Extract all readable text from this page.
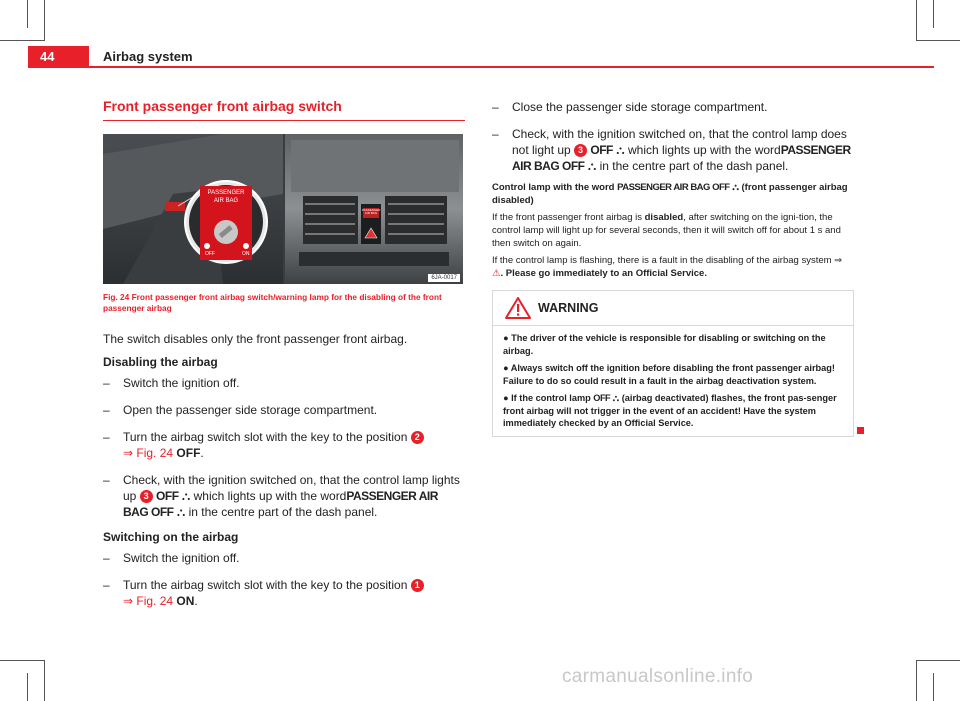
44	Airbag system
Front passenger front airbag switch
PASSENGER
AIR BAG
OFF	ON
PASSENGER AIR BAG
6JA-0017
Fig. 24 Front passenger front airbag switch/warning lamp for the disabling of the front passenger airbag

The switch disables only the front passenger front airbag.

Disabling the airbag

– Switch the ignition off.
– Open the passenger side storage compartment.
– Turn the airbag switch slot with the key to the position 2
⇒ Fig. 24 OFF.
– Check, with the ignition switched on, that the control lamp lights up 3 OFF ⛬ which lights up with the wordPASSENGER AIR BAG OFF ⛬ in the centre part of the dash panel.

Switching on the airbag

– Switch the ignition off.
– Turn the airbag switch slot with the key to the position 1
⇒ Fig. 24 ON.
– Close the passenger side storage compartment.
– Check, with the ignition switched on, that the control lamp does not light up 3 OFF ⛬ which lights up with the wordPASSENGER AIR BAG OFF ⛬ in the centre part of the dash panel.

Control lamp with the word PASSENGER AIR BAG OFF ⛬ (front passenger airbag disabled)

If the front passenger front airbag is disabled, after switching on the igni-tion, the control lamp will light up for several seconds, then it will switch off for about 1 s and then switch on again.

If the control lamp is flashing, there is a fault in the disabling of the airbag system ⇒ ⚠. Please go immediately to an Official Service.

WARNING
● The driver of the vehicle is responsible for disabling or switching on the airbag.
● Always switch off the ignition before disabling the front passenger airbag! Failure to do so could result in a fault in the airbag deactivation system.
● If the control lamp OFF ⛬ (airbag deactivated) flashes, the front pas-senger front airbag will not trigger in the event of an accident! Have the system immediately checked by an Official Service.
carmanualsonline.info
